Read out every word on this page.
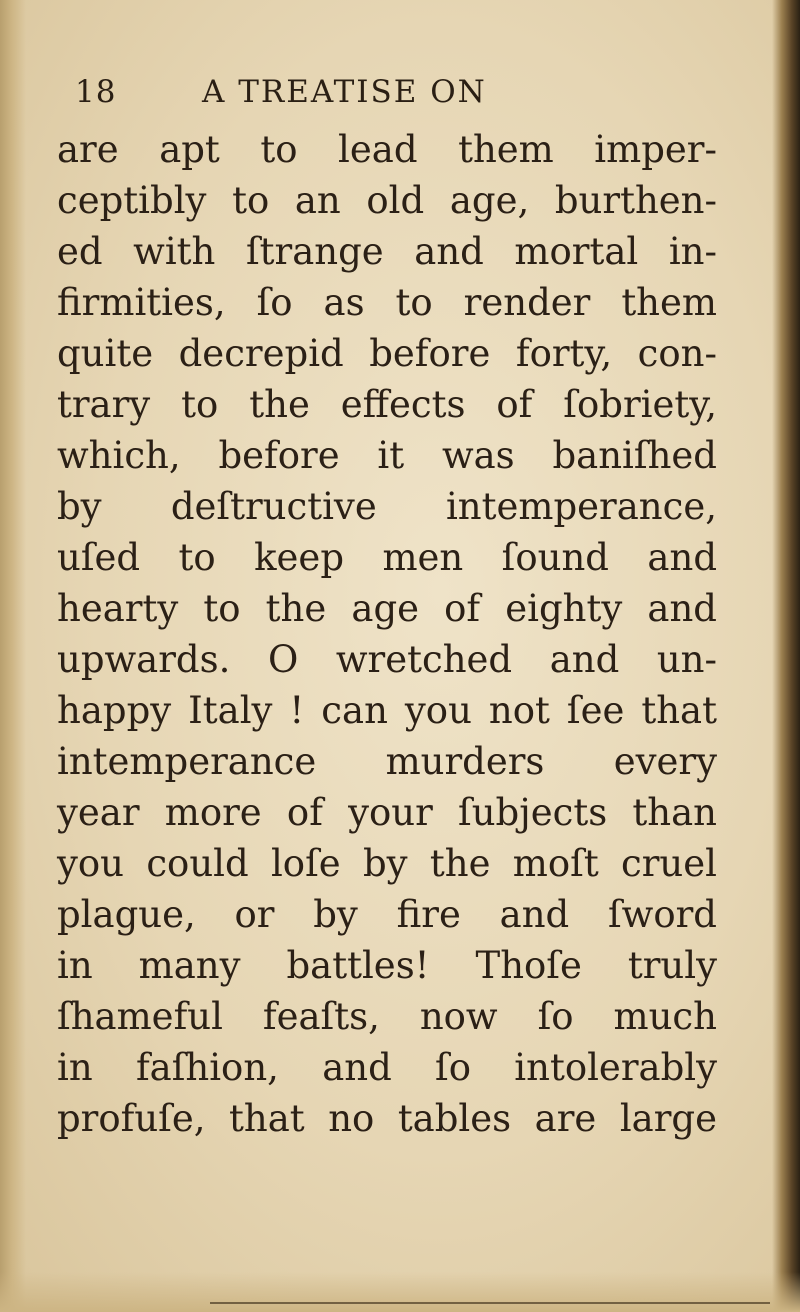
18	A TREATISE ON
are apt to lead them imper-
ceptibly to an old age, burthen-
ed with ſtrange and mortal in-
firmities, ſo as to render them
quite decrepid before forty, con-
trary to the effects of ſobriety,
which, before it was baniſhed
by deſtructive intemperance,
uſed to keep men ſound and
hearty to the age of eighty and
upwards. O wretched and un-
happy Italy ! can you not ſee that
intemperance murders every
year more of your ſubjects than
you could loſe by the moſt cruel
plague, or by fire and ſword
in many battles! Thoſe truly
ſhameful feaſts, now ſo much
in faſhion, and ſo intolerably
profuſe, that no tables are large
